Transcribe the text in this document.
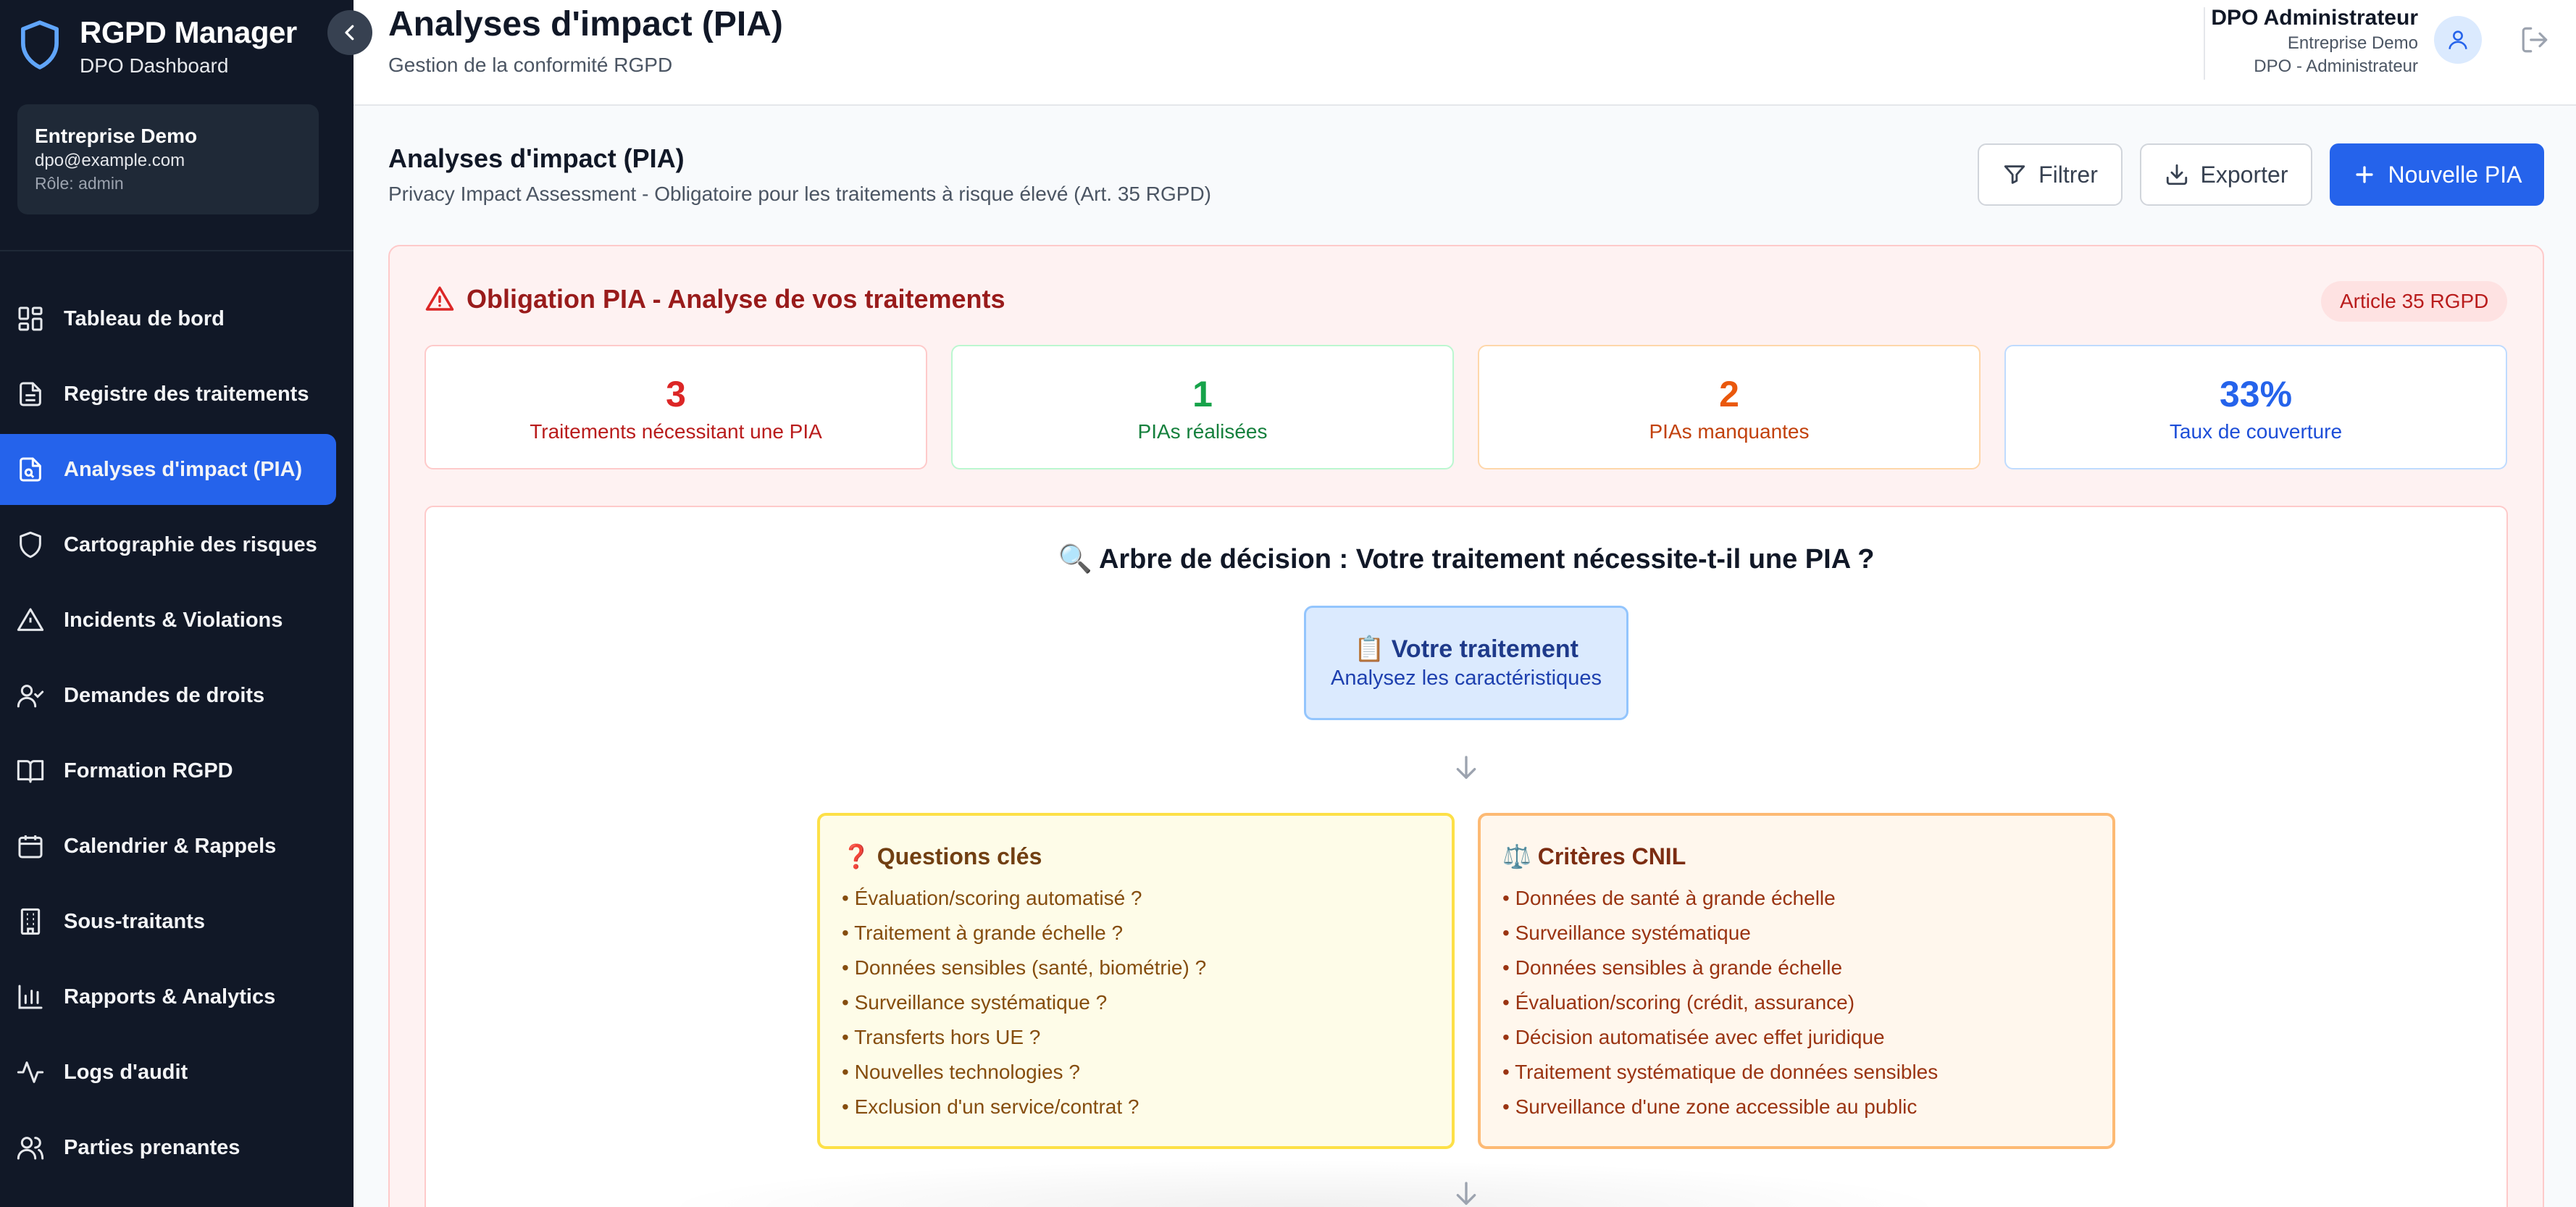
RGPD Manager
DPO Dashboard
Entreprise Demo
dpo@example.com
Rôle: admin
Tableau de bord
Registre des traitements
Analyses d'impact (PIA)
Cartographie des risques
Incidents & Violations
Demandes de droits
Formation RGPD
Calendrier & Rappels
Sous-traitants
Rapports & Analytics
Logs d'audit
Parties prenantes
Analyses d'impact (PIA)
Gestion de la conformité RGPD
DPO Administrateur
Entreprise Demo
DPO - Administrateur
Analyses d'impact (PIA)
Privacy Impact Assessment - Obligatoire pour les traitements à risque élevé (Art. 35 RGPD)
Filtrer	Exporter	Nouvelle PIA
Obligation PIA - Analyse de vos traitements	Article 35 RGPD
3
Traitements nécessitant une PIA
1
PIAs réalisées
2
PIAs manquantes
33%
Taux de couverture
🔍 Arbre de décision : Votre traitement nécessite-t-il une PIA ?
📋 Votre traitement
Analysez les caractéristiques
❓ Questions clés
• Évaluation/scoring automatisé ?
• Traitement à grande échelle ?
• Données sensibles (santé, biométrie) ?
• Surveillance systématique ?
• Transferts hors UE ?
• Nouvelles technologies ?
• Exclusion d'un service/contrat ?
⚖️ Critères CNIL
• Données de santé à grande échelle
• Surveillance systématique
• Données sensibles à grande échelle
• Évaluation/scoring (crédit, assurance)
• Décision automatisée avec effet juridique
• Traitement systématique de données sensibles
• Surveillance d'une zone accessible au public
